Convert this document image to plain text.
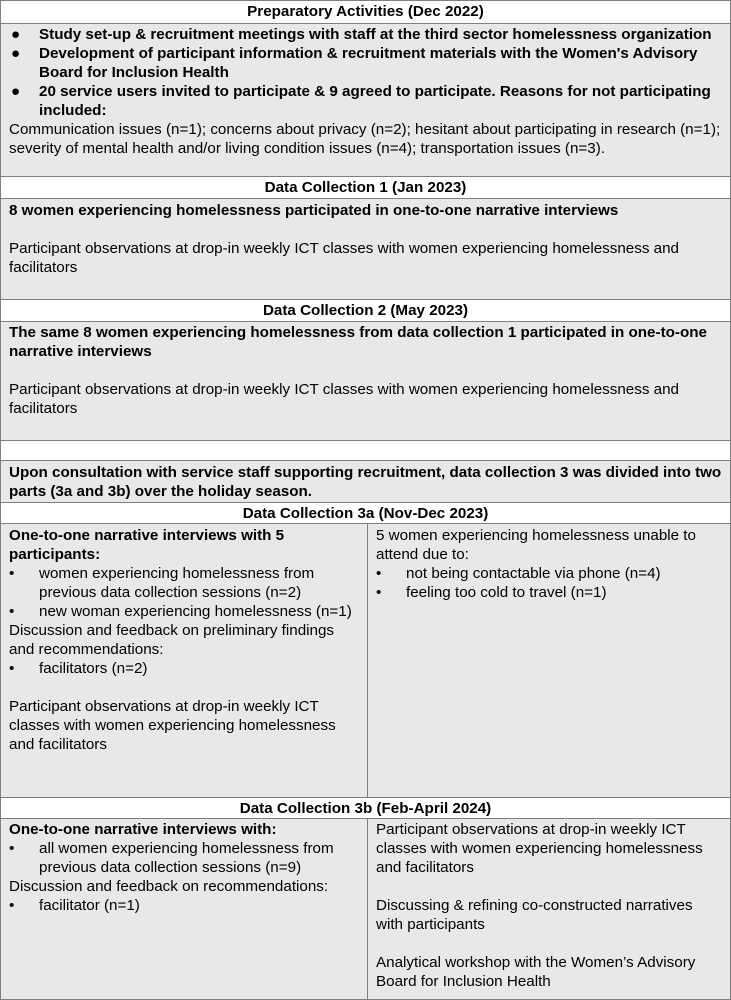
Preparatory Activities (Dec 2022)
● Study set-up & recruitment meetings with staff at the third sector homelessness organization
● Development of participant information & recruitment materials with the Women's Advisory Board for Inclusion Health
● 20 service users invited to participate & 9 agreed to participate. Reasons for not participating included:
Communication issues (n=1); concerns about privacy (n=2); hesitant about participating in research (n=1); severity of mental health and/or living condition issues (n=4); transportation issues (n=3).
Data Collection 1 (Jan 2023)
8 women experiencing homelessness participated in one-to-one narrative interviews
Participant observations at drop-in weekly ICT classes with women experiencing homelessness and facilitators
Data Collection 2 (May 2023)
The same 8 women experiencing homelessness from data collection 1 participated in one-to-one narrative interviews
Participant observations at drop-in weekly ICT classes with women experiencing homelessness and facilitators
Upon consultation with service staff supporting recruitment, data collection 3 was divided into two parts (3a and 3b) over the holiday season.
Data Collection 3a (Nov-Dec 2023)
One-to-one narrative interviews with 5 participants:
• women experiencing homelessness from previous data collection sessions (n=2)
• new woman experiencing homelessness (n=1)
Discussion and feedback on preliminary findings and recommendations:
• facilitators (n=2)
Participant observations at drop-in weekly ICT classes with women experiencing homelessness and facilitators
5 women experiencing homelessness unable to attend due to:
• not being contactable via phone (n=4)
• feeling too cold to travel (n=1)
Data Collection 3b (Feb-April 2024)
One-to-one narrative interviews with:
• all women experiencing homelessness from previous data collection sessions (n=9)
Discussion and feedback on recommendations:
• facilitator (n=1)
Participant observations at drop-in weekly ICT classes with women experiencing homelessness and facilitators
Discussing & refining co-constructed narratives with participants
Analytical workshop with the Women’s Advisory Board for Inclusion Health
